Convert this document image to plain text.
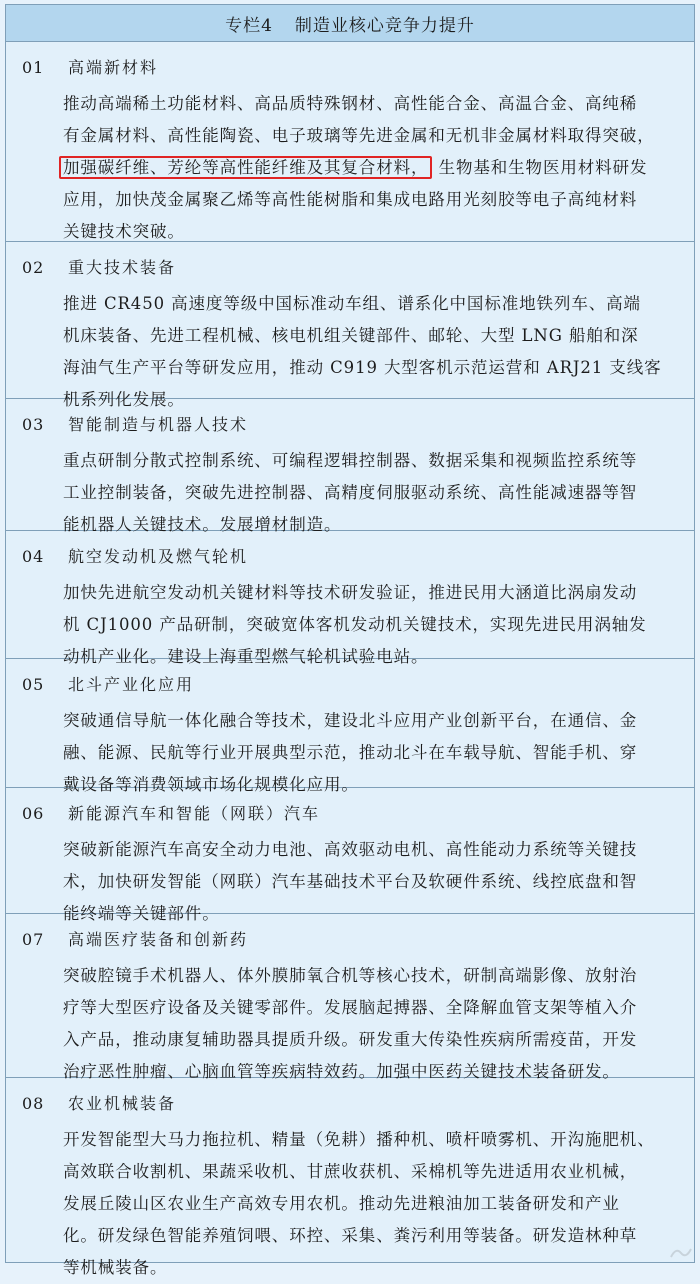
专栏4 制造业核心竞争力提升
01	高端新材料
推动高端稀土功能材料、高品质特殊钢材、高性能合金、高温合金、高纯稀
有金属材料、高性能陶瓷、电子玻璃等先进金属和无机非金属材料取得突破，
加强碳纤维、芳纶等高性能纤维及其复合材料， 生物基和生物医用材料研发
应用，加快茂金属聚乙烯等高性能树脂和集成电路用光刻胶等电子高纯材料
关键技术突破。
02	重大技术装备
推进 CR450 高速度等级中国标准动车组、谱系化中国标准地铁列车、高端
机床装备、先进工程机械、核电机组关键部件、邮轮、大型 LNG 船舶和深
海油气生产平台等研发应用，推动 C919 大型客机示范运营和 ARJ21 支线客
机系列化发展。
03	智能制造与机器人技术
重点研制分散式控制系统、可编程逻辑控制器、数据采集和视频监控系统等
工业控制装备，突破先进控制器、高精度伺服驱动系统、高性能减速器等智
能机器人关键技术。发展增材制造。
04	航空发动机及燃气轮机
加快先进航空发动机关键材料等技术研发验证，推进民用大涵道比涡扇发动
机 CJ1000 产品研制，突破宽体客机发动机关键技术，实现先进民用涡轴发
动机产业化。建设上海重型燃气轮机试验电站。
05	北斗产业化应用
突破通信导航一体化融合等技术，建设北斗应用产业创新平台，在通信、金
融、能源、民航等行业开展典型示范，推动北斗在车载导航、智能手机、穿
戴设备等消费领域市场化规模化应用。
06	新能源汽车和智能（网联）汽车
突破新能源汽车高安全动力电池、高效驱动电机、高性能动力系统等关键技
术，加快研发智能（网联）汽车基础技术平台及软硬件系统、线控底盘和智
能终端等关键部件。
07	高端医疗装备和创新药
突破腔镜手术机器人、体外膜肺氧合机等核心技术，研制高端影像、放射治
疗等大型医疗设备及关键零部件。发展脑起搏器、全降解血管支架等植入介
入产品，推动康复辅助器具提质升级。研发重大传染性疾病所需疫苗，开发
治疗恶性肿瘤、心脑血管等疾病特效药。加强中医药关键技术装备研发。
08	农业机械装备
开发智能型大马力拖拉机、精量（免耕）播种机、喷杆喷雾机、开沟施肥机、
高效联合收割机、果蔬采收机、甘蔗收获机、采棉机等先进适用农业机械，
发展丘陵山区农业生产高效专用农机。推动先进粮油加工装备研发和产业
化。研发绿色智能养殖饲喂、环控、采集、粪污利用等装备。研发造林种草
等机械装备。
